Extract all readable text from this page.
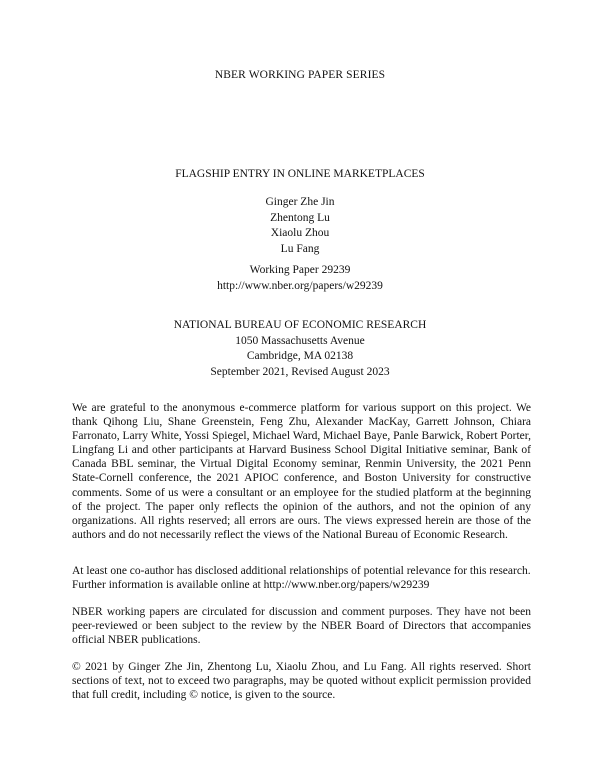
NBER WORKING PAPER SERIES
FLAGSHIP ENTRY IN ONLINE MARKETPLACES
Ginger Zhe Jin
Zhentong Lu
Xiaolu Zhou
Lu Fang
Working Paper 29239
http://www.nber.org/papers/w29239
NATIONAL BUREAU OF ECONOMIC RESEARCH
1050 Massachusetts Avenue
Cambridge, MA 02138
September 2021, Revised August 2023
We are grateful to the anonymous e-commerce platform for various support on this project. We thank Qihong Liu, Shane Greenstein, Feng Zhu, Alexander MacKay, Garrett Johnson, Chiara Farronato, Larry White, Yossi Spiegel, Michael Ward, Michael Baye, Panle Barwick, Robert Porter, Lingfang Li and other participants at Harvard Business School Digital Initiative seminar, Bank of Canada BBL seminar, the Virtual Digital Economy seminar, Renmin University, the 2021 Penn State-Cornell conference, the 2021 APIOC conference, and Boston University for constructive comments. Some of us were a consultant or an employee for the studied platform at the beginning of the project. The paper only reflects the opinion of the authors, and not the opinion of any organizations. All rights reserved; all errors are ours. The views expressed herein are those of the authors and do not necessarily reflect the views of the National Bureau of Economic Research.
At least one co-author has disclosed additional relationships of potential relevance for this research. Further information is available online at http://www.nber.org/papers/w29239
NBER working papers are circulated for discussion and comment purposes. They have not been peer-reviewed or been subject to the review by the NBER Board of Directors that accompanies official NBER publications.
© 2021 by Ginger Zhe Jin, Zhentong Lu, Xiaolu Zhou, and Lu Fang. All rights reserved. Short sections of text, not to exceed two paragraphs, may be quoted without explicit permission provided that full credit, including © notice, is given to the source.
